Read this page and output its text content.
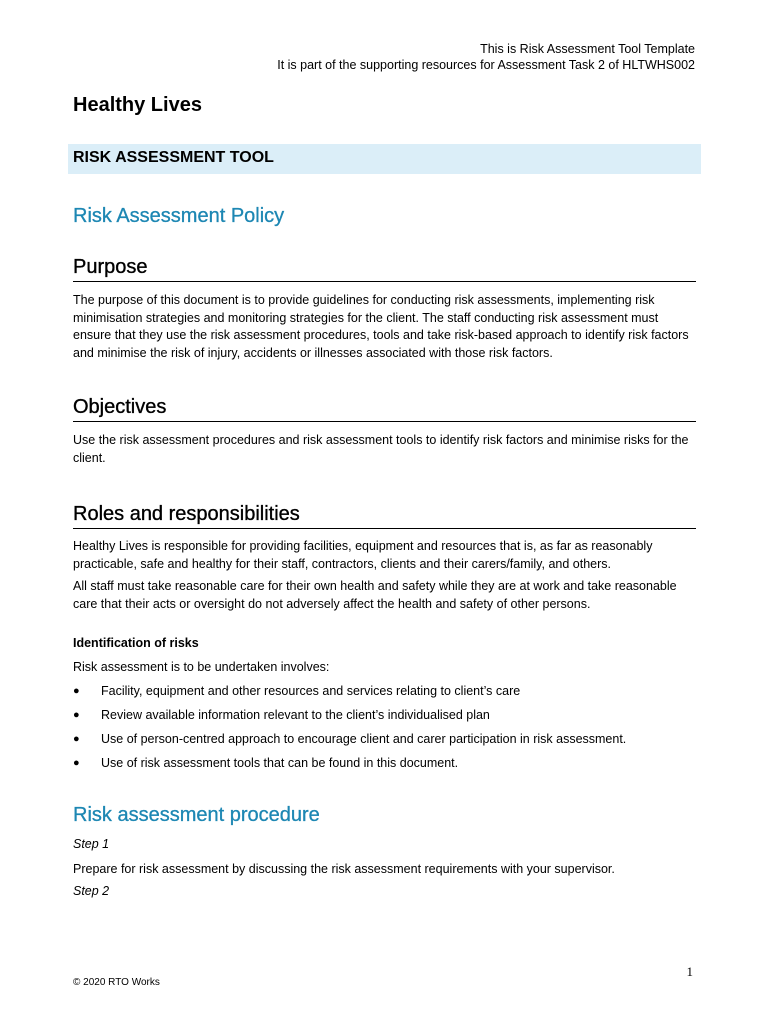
This is Risk Assessment Tool Template
It is part of the supporting resources for Assessment Task 2 of HLTWHS002
Healthy Lives
RISK ASSESSMENT TOOL
Risk Assessment Policy
Purpose

The purpose of this document is to provide guidelines for conducting risk assessments, implementing risk minimisation strategies and monitoring strategies for the client. The staff conducting risk assessment must ensure that they use the risk assessment procedures, tools and take risk-based approach to identify risk factors and minimise the risk of injury, accidents or illnesses associated with those risk factors.

Objectives

Use the risk assessment procedures and risk assessment tools to identify risk factors and minimise risks for the client.

Roles and responsibilities

Healthy Lives is responsible for providing facilities, equipment and resources that is, as far as reasonably practicable, safe and healthy for their staff, contractors, clients and their carers/family, and others.

All staff must take reasonable care for their own health and safety while they are at work and take reasonable care that their acts or oversight do not adversely affect the health and safety of other persons.

Identification of risks

Risk assessment is to be undertaken involves:

● Facility, equipment and other resources and services relating to client’s care
● Review available information relevant to the client’s individualised plan
● Use of person-centred approach to encourage client and carer participation in risk assessment.
● Use of risk assessment tools that can be found in this document.
Risk assessment procedure

Step 1

Prepare for risk assessment by discussing the risk assessment requirements with your supervisor.

Step 2

1
© 2020 RTO Works
